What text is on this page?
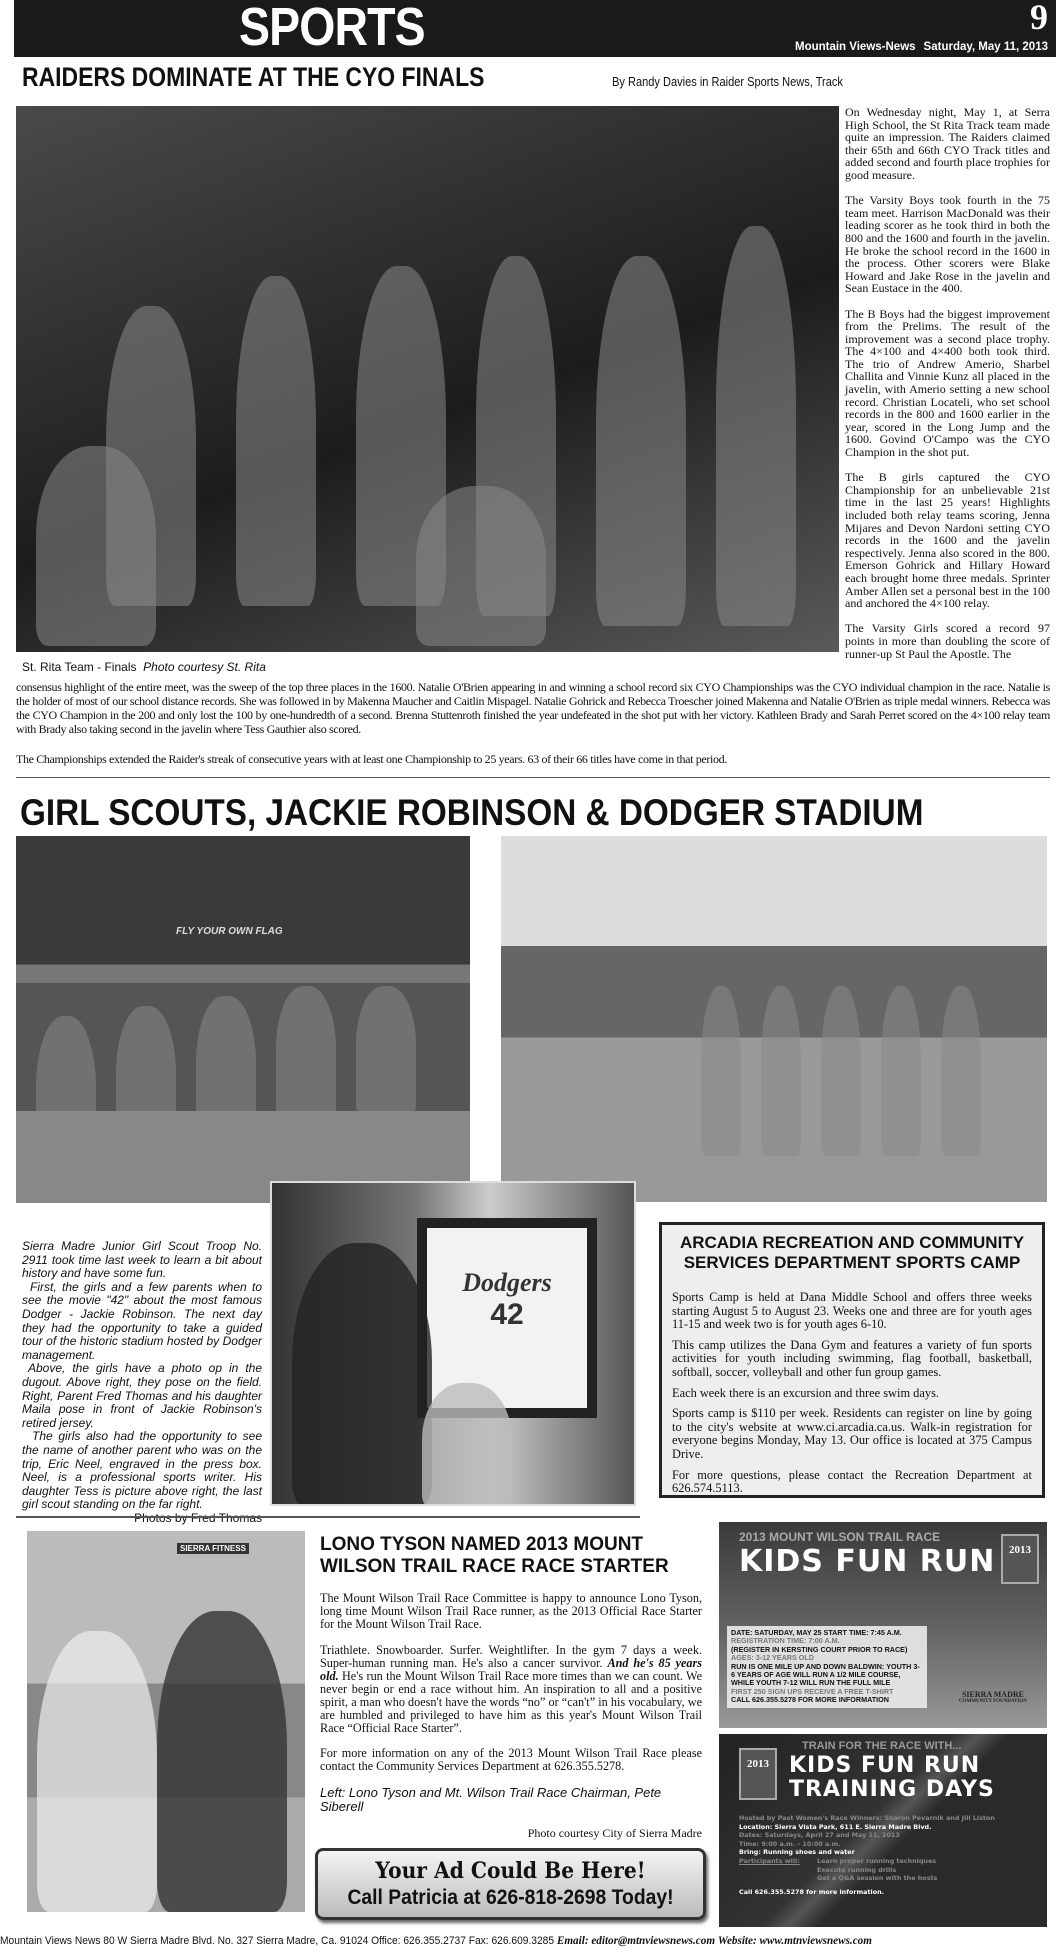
SPORTS	9
Mountain Views-News Saturday, May 11, 2013
RAIDERS DOMINATE AT THE CYO FINALS	By Randy Davies in Raider Sports News, Track

On Wednesday night, May 1, at Serra High School, the St Rita Track team made quite an impression. The Raiders claimed their 65th and 66th CYO Track titles and added second and fourth place trophies for good measure.

The Varsity Boys took fourth in the 75 team meet. Harrison MacDonald was their leading scorer as he took third in both the 800 and the 1600 and fourth in the javelin. He broke the school record in the 1600 in the process. Other scorers were Blake Howard and Jake Rose in the javelin and Sean Eustace in the 400.

The B Boys had the biggest improvement from the Prelims. The result of the improvement was a second place trophy. The 4×100 and 4×400 both took third. The trio of Andrew Amerio, Sharbel Challita and Vinnie Kunz all placed in the javelin, with Amerio setting a new school record. Christian Locateli, who set school records in the 800 and 1600 earlier in the year, scored in the Long Jump and the 1600. Govind O'Campo was the CYO Champion in the shot put.

The B girls captured the CYO Championship for an unbelievable 21st time in the last 25 years! Highlights included both relay teams scoring, Jenna Mijares and Devon Nardoni setting CYO records in the 1600 and the javelin respectively. Jenna also scored in the 800. Emerson Gohrick and Hillary Howard each brought home three medals. Sprinter Amber Allen set a personal best in the 100 and anchored the 4×100 relay.

The Varsity Girls scored a record 97 points in more than doubling the score of runner-up St Paul the Apostle. The

St. Rita Team - Finals Photo courtesy St. Rita
consensus highlight of the entire meet, was the sweep of the top three places in the 1600. Natalie O'Brien appearing in and winning a school record six CYO Championships was the CYO individual champion in the race. Natalie is the holder of most of our school distance records. She was followed in by Makenna Maucher and Caitlin Mispagel. Natalie Gohrick and Rebecca Troescher joined Makenna and Natalie O'Brien as triple medal winners. Rebecca was the CYO Champion in the 200 and only lost the 100 by one-hundredth of a second. Brenna Stuttenroth finished the year undefeated in the shot put with her victory. Kathleen Brady and Sarah Perret scored on the 4×100 relay team with Brady also taking second in the javelin where Tess Gauthier also scored.
The Championships extended the Raider's streak of consecutive years with at least one Championship to 25 years. 63 of their 66 titles have come in that period.
GIRL SCOUTS, JACKIE ROBINSON & DODGER STADIUM
FLY YOUR OWN FLAG
Dodgers
42
Sierra Madre Junior Girl Scout Troop No. 2911 took time last week to learn a bit about history and have some fun.
First, the girls and a few parents when to see the movie "42" about the most famous Dodger - Jackie Robinson. The next day they had the opportunity to take a guided tour of the historic stadium hosted by Dodger management.
Above, the girls have a photo op in the dugout. Above right, they pose on the field. Right, Parent Fred Thomas and his daughter Maila pose in front of Jackie Robinson's retired jersey.
The girls also had the opportunity to see the name of another parent who was on the trip, Eric Neel, engraved in the press box. Neel, is a professional sports writer. His daughter Tess is picture above right, the last girl scout standing on the far right.
ARCADIA RECREATION AND COMMUNITY SERVICES DEPARTMENT SPORTS CAMP

Sports Camp is held at Dana Middle School and offers three weeks starting August 5 to August 23. Weeks one and three are for youth ages 11-15 and week two is for youth ages 6-10.

This camp utilizes the Dana Gym and features a variety of fun sports activities for youth including swimming, flag football, basketball, softball, soccer, volleyball and other fun group games.

Each week there is an excursion and three swim days.

Sports camp is $110 per week. Residents can register on line by going to the city's website at www.ci.arcadia.ca.us. Walk-in registration for everyone begins Monday, May 13. Our office is located at 375 Campus Drive.

For more questions, please contact the Recreation Department at 626.574.5113.

SIERRA FITNESS	LONO TYSON NAMED 2013 MOUNT WILSON TRAIL RACE RACE STARTER

The Mount Wilson Trail Race Committee is happy to announce Lono Tyson, long time Mount Wilson Trail Race runner, as the 2013 Official Race Starter for the Mount Wilson Trail Race.

Triathlete. Snowboarder. Surfer. Weightlifter. In the gym 7 days a week. Super-human running man. He's also a cancer survivor. And he's 85 years old. He's run the Mount Wilson Trail Race more times than we can count. We never begin or end a race without him. An inspiration to all and a positive spirit, a man who doesn't have the words “no” or “can't” in his vocabulary, we are humbled and privileged to have him as this year's Mount Wilson Trail Race “Official Race Starter”.

For more information on any of the 2013 Mount Wilson Trail Race please contact the Community Services Department at 626.355.5278.

Left: Lono Tyson and Mt. Wilson Trail Race Chairman, Pete Siberell
Photo courtesy City of Sierra Madre
Your Ad Could Be Here!
Call Patricia at 626-818-2698 Today!
2013 MOUNT WILSON TRAIL RACE
KIDS FUN RUN	2013
DATE: SATURDAY, MAY 25 START TIME: 7:45 A.M.
REGISTRATION TIME: 7:00 A.M.
(REGISTER IN KERSTING COURT PRIOR TO RACE)
AGES: 3-12 YEARS OLD
RUN IS ONE MILE UP AND DOWN BALDWIN: YOUTH 3-6 YEARS OF AGE WILL RUN A 1/2 MILE COURSE, WHILE YOUTH 7-12 WILL RUN THE FULL MILE
FIRST 250 SIGN UPS RECEIVE A FREE T-SHIRT
CALL 626.355.5278 FOR MORE INFORMATION
SIERRA MADRE
COMMUNITY FOUNDATION
2013
TRAIN FOR THE RACE WITH...
KIDS FUN RUN
TRAINING DAYS
Hosted by Past Women's Race Winners: Sharon Pevarnik and Jill Liston
Location: Sierra Vista Park, 611 E. Sierra Madre Blvd.
Dates: Saturdays, April 27 and May 11, 2013
Time: 9:00 a.m. - 10:00 a.m.
Bring: Running shoes and water
Participants will:	Learn proper running techniques
Execute running drills
Get a Q&A session with the hosts
Call 626.355.5278 for more information.
Mountain Views News 80 W Sierra Madre Blvd. No. 327 Sierra Madre, Ca. 91024 Office: 626.355.2737 Fax: 626.609.3285 Email: editor@mtnviewsnews.com Website: www.mtnviewsnews.com
